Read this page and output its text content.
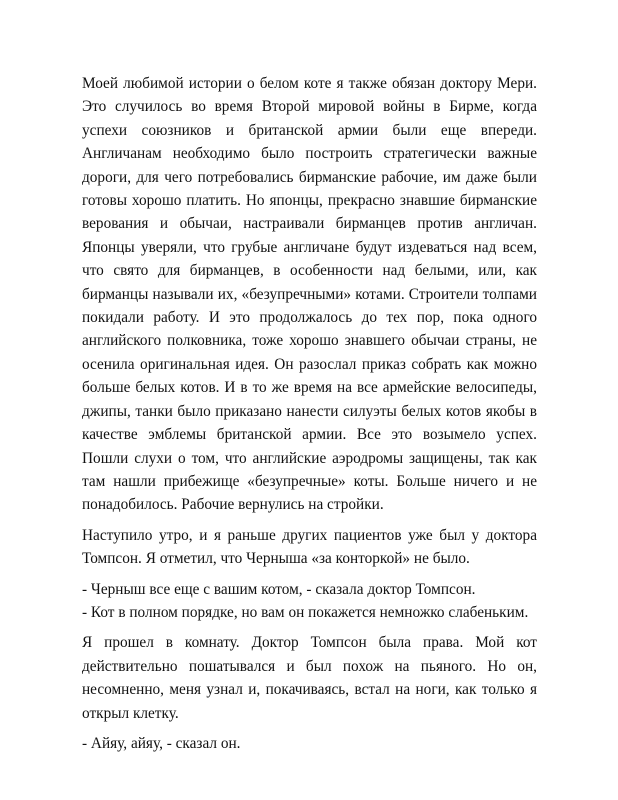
Моей любимой истории о белом коте я также обязан доктору Мери. Это случилось во время Второй мировой войны в Бирме, когда успехи союзников и британской армии были еще впереди. Англичанам необходимо было построить стратегически важные дороги, для чего потребовались бирманские рабочие, им даже были готовы хорошо платить. Но японцы, прекрасно знавшие бирманские верования и обычаи, настраивали бирманцев против англичан. Японцы уверяли, что грубые англичане будут издеваться над всем, что свято для бирманцев, в особенности над белыми, или, как бирманцы называли их, «безупречными» котами. Строители толпами покидали работу. И это продолжалось до тех пор, пока одного английского полковника, тоже хорошо знавшего обычаи страны, не осенила оригинальная идея. Он разослал приказ собрать как можно больше белых котов. И в то же время на все армейские велосипеды, джипы, танки было приказано нанести силуэты белых котов якобы в качестве эмблемы британской армии. Все это возымело успех. Пошли слухи о том, что английские аэродромы защищены, так как там нашли прибежище «безупречные» коты. Больше ничего и не понадобилось. Рабочие вернулись на стройки.

Наступило утро, и я раньше других пациентов уже был у доктора Томпсон. Я отметил, что Черныша «за конторкой» не было.

- Черныш все еще с вашим котом, - сказала доктор Томпсон.

- Кот в полном порядке, но вам он покажется немножко слабеньким.

Я прошел в комнату. Доктор Томпсон была права. Мой кот действительно пошатывался и был похож на пьяного. Но он, несомненно, меня узнал и, покачиваясь, встал на ноги, как только я открыл клетку.

- Айяу, айяу, - сказал он.
